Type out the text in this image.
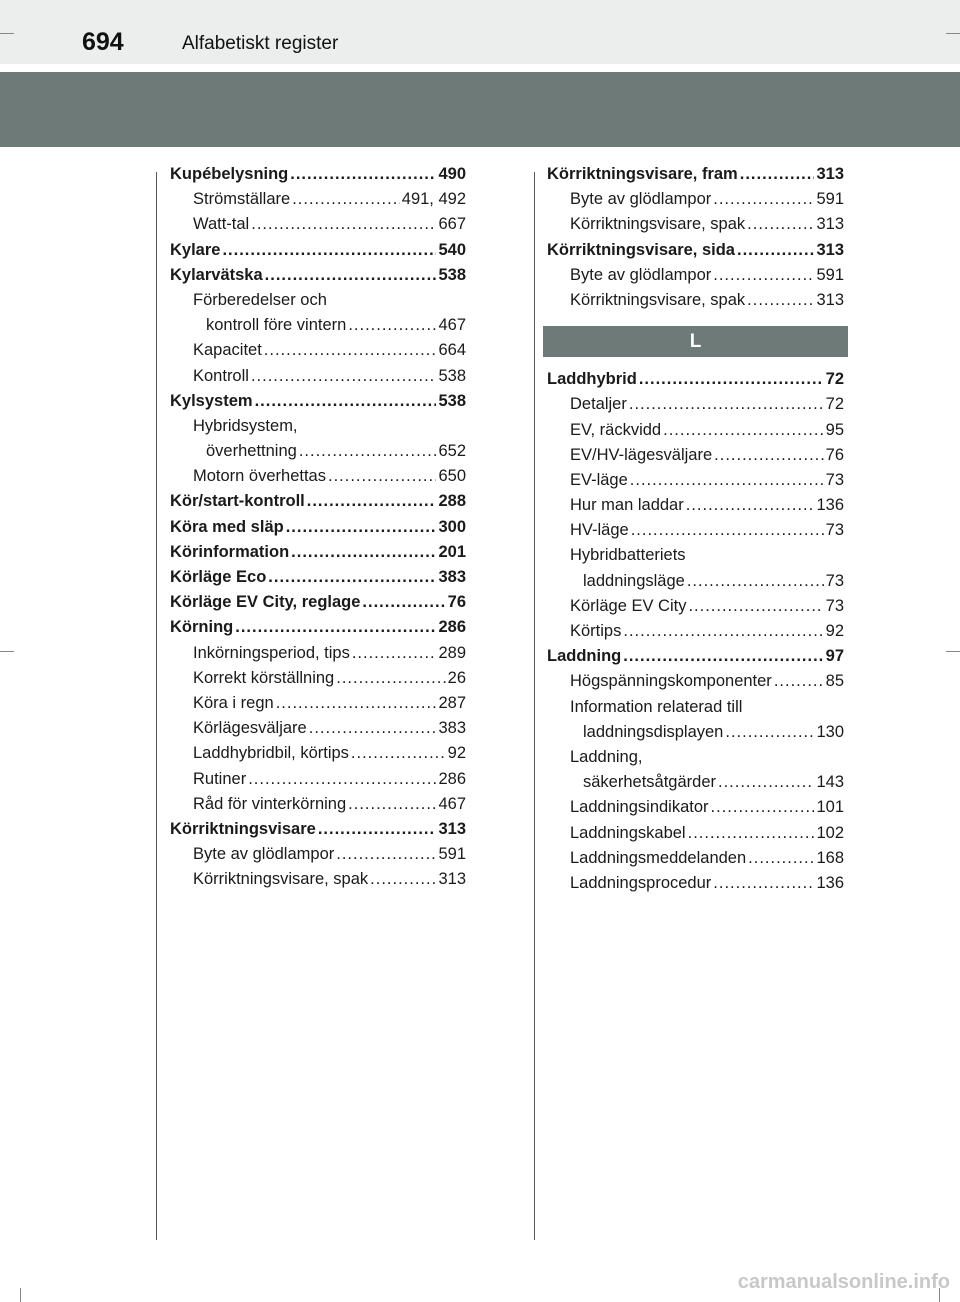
694	Alfabetiskt register
Kupébelysning .....	490
Strömställare .....	491, 492
Watt-tal .....	667
Kylare .....	540
Kylarvätska .....	538
Förberedelser och
kontroll före vintern .....	467
Kapacitet .....	664
Kontroll .....	538
Kylsystem .....	538
Hybridsystem,
överhettning .....	652
Motorn överhettas .....	650
Kör/start-kontroll .....	288
Köra med släp .....	300
Körinformation .....	201
Körläge Eco .....	383
Körläge EV City, reglage .....	76
Körning .....	286
Inkörningsperiod, tips .....	289
Korrekt körställning .....	26
Köra i regn .....	287
Körlägesväljare .....	383
Laddhybridbil, körtips .....	92
Rutiner .....	286
Råd för vinterkörning .....	467
Körriktningsvisare .....	313
Byte av glödlampor .....	591
Körriktningsvisare, spak .....	313
Körriktningsvisare, fram .....	313
Byte av glödlampor .....	591
Körriktningsvisare, spak .....	313
Körriktningsvisare, sida .....	313
Byte av glödlampor .....	591
Körriktningsvisare, spak .....	313
L
Laddhybrid .....	72
Detaljer .....	72
EV, räckvidd .....	95
EV/HV-lägesväljare .....	76
EV-läge .....	73
Hur man laddar .....	136
HV-läge .....	73
Hybridbatteriets
laddningsläge .....	73
Körläge EV City .....	73
Körtips .....	92
Laddning .....	97
Högspänningskomponenter .....	85
Information relaterad till
laddningsdisplayen .....	130
Laddning,
säkerhetsåtgärder .....	143
Laddningsindikator .....	101
Laddningskabel .....	102
Laddningsmeddelanden .....	168
Laddningsprocedur .....	136
carmanualsonline.info
